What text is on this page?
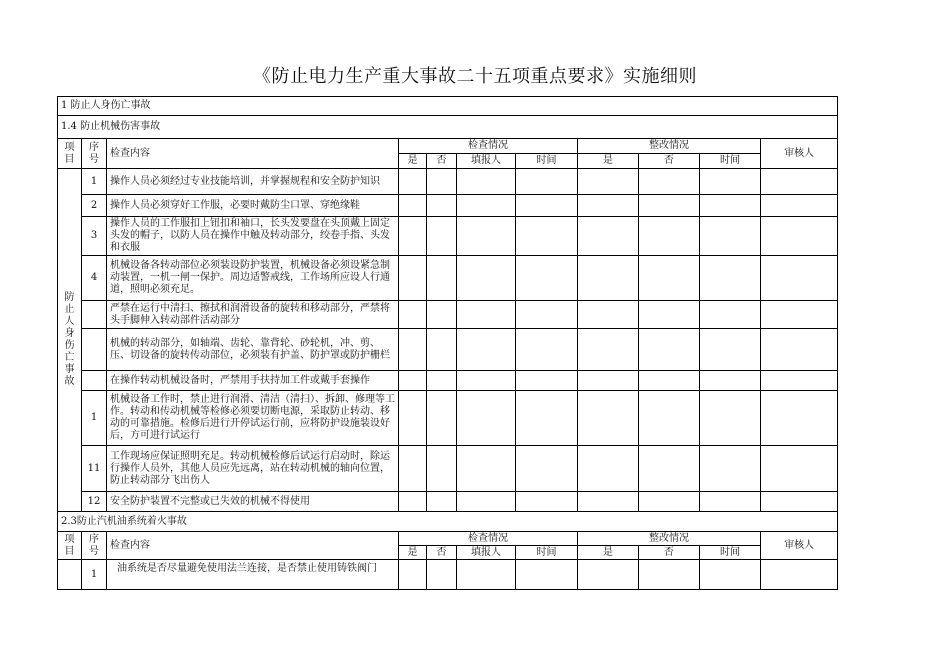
《防止电力生产重大事故二十五项重点要求》实施细则
1 防止人身伤亡事故										
1.4 防止机械伤害事故										
项目	序号	检查内容	检查情况				整改情况			审核人
			是	否	填报人	时间	是	否	时间	

防止人身伤亡事故	1	操作人员必须经过专业技能培训，并掌握规程和安全防护知识								
	2	操作人员必须穿好工作服，必要时戴防尘口罩、穿绝缘鞋								
	3	操作人员的工作服扣上钮扣和袖口，长头发要盘在头顶戴上固定头发的帽子，以防人员在操作中触及转动部分，绞卷手指、头发和衣服								
	4	机械设备各转动部位必须装设防护装置，机械设备必须设紧急制动装置，一机一闸一保护。周边适警戒线，工作场所应设人行通道，照明必须充足。								
		严禁在运行中清扫、擦拭和润滑设备的旋转和移动部分，严禁将头手脚伸入转动部件活动部分								
		机械的转动部分，如轴端、齿轮、靠背轮、砂轮机，冲、剪、压、切设备的旋转传动部位，必须装有护盖、防护罩或防护栅栏								
		在操作转动机械设备时，严禁用手扶持加工件或戴手套操作								
	1	机械设备工作时，禁止进行润滑、清洁（清扫）、拆卸、修理等工作。转动和传动机械等检修必须要切断电源，采取防止转动、移动的可靠措施。检修后进行开停试运行前，应将防护设施装设好后，方可进行试运行								
	11	工作现场应保证照明充足。转动机械检修后试运行启动时，除运行操作人员外，其他人员应先远离，站在转动机械的轴向位置，防止转动部分飞出伤人								
	12	安全防护装置不完整或已失效的机械不得使用								
2.3防止汽机油系统着火事故										
项目	序号	检查内容	检查情况				整改情况			审核人
			是	否	填报人	时间	是	否	时间	
	1	油系统是否尽量避免使用法兰连接，是否禁止使用铸铁阀门								
